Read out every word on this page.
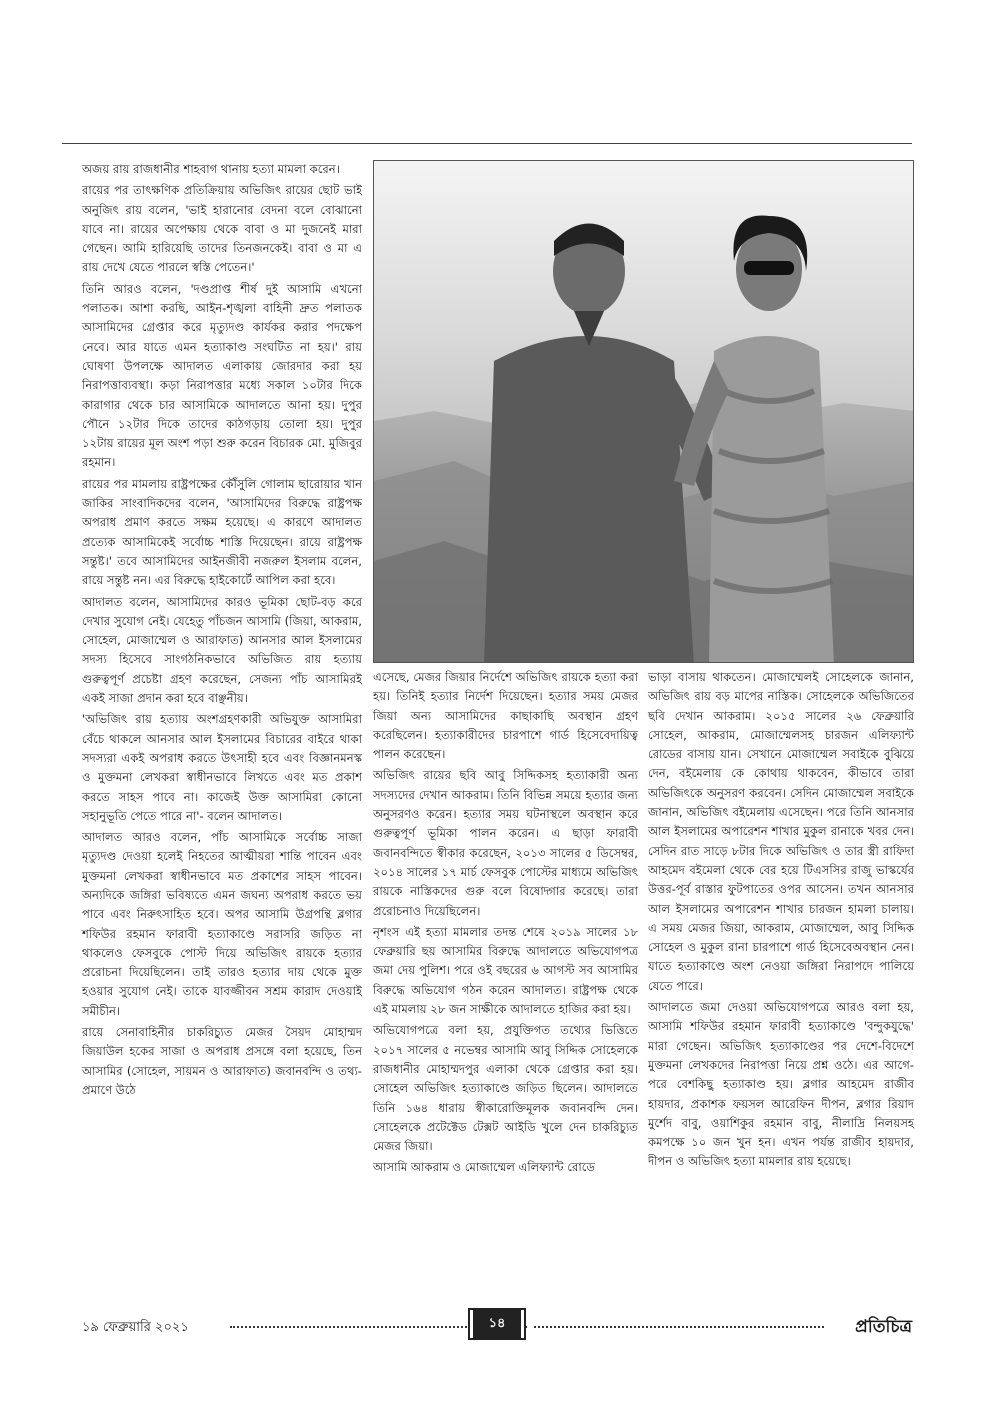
অজয় রায় রাজধানীর শাহবাগ থানায় হত্যা মামলা করেন।

রায়ের পর তাৎক্ষণিক প্রতিক্রিয়ায় অভিজিৎ রায়ের ছোট ভাই অনুজিৎ রায় বলেন, 'ভাই হারানোর বেদনা বলে বোঝানো যাবে না। রায়ের অপেক্ষায় থেকে বাবা ও মা দুজনেই মারা গেছেন। আমি হারিয়েছি তাদের তিনজনকেই। বাবা ও মা এ রায় দেখে যেতে পারলে স্বস্তি পেতেন।'

তিনি আরও বলেন, 'দণ্ডপ্রাপ্ত শীর্ষ দুই আসামি এখনো পলাতক। আশা করছি, আইন-শৃঙ্খলা বাহিনী দ্রুত পলাতক আসামিদের গ্রেপ্তার করে মৃত্যুদণ্ড কার্যকর করার পদক্ষেপ নেবে। আর যাতে এমন হত্যাকাণ্ড সংঘটিত না হয়।' রায় ঘোষণা উপলক্ষে আদালত এলাকায় জোরদার করা হয় নিরাপত্তাব্যবস্থা। কড়া নিরাপত্তার মধ্যে সকাল ১০টার দিকে কারাগার থেকে চার আসামিকে আদালতে আনা হয়। দুপুর পৌনে ১২টার দিকে তাদের কাঠগড়ায় তোলা হয়। দুপুর ১২টায় রায়ের মূল অংশ পড়া শুরু করেন বিচারক মো. মুজিবুর রহমান।

রায়ের পর মামলায় রাষ্ট্রপক্ষের কৌঁসুলি গোলাম ছারোয়ার খান জাকির সাংবাদিকদের বলেন, 'আসামিদের বিরুদ্ধে রাষ্ট্রপক্ষ অপরাধ প্রমাণ করতে সক্ষম হয়েছে। এ কারণে আদালত প্রত্যেক আসামিকেই সর্বোচ্চ শাস্তি দিয়েছেন। রায়ে রাষ্ট্রপক্ষ সন্তুষ্ট।' তবে আসামিদের আইনজীবী নজরুল ইসলাম বলেন, রায়ে সন্তুষ্ট নন। এর বিরুদ্ধে হাইকোর্টে আপিল করা হবে।

আদালত বলেন, আসামিদের কারও ভূমিকা ছোট-বড় করে দেখার সুযোগ নেই। যেহেতু পাঁচজন আসামি (জিয়া, আকরাম, সোহেল, মোজাম্মেল ও আরাফাত) আনসার আল ইসলামের সদস্য হিসেবে সাংগঠনিকভাবে অভিজিত রায় হত্যায় গুরুত্বপূর্ণ প্রচেষ্টা গ্রহণ করেছেন, সেজন্য পাঁচ আসামিরই একই সাজা প্রদান করা হবে বাঞ্ছনীয়।

'অভিজিৎ রায় হত্যায় অংশগ্রহণকারী অভিযুক্ত আসামিরা বেঁচে থাকলে আনসার আল ইসলামের বিচারের বাইরে থাকা সদস্যরা একই অপরাধ করতে উৎসাহী হবে এবং বিজ্ঞানমনস্ক ও মুক্তমনা লেখকরা স্বাধীনভাবে লিখতে এবং মত প্রকাশ করতে সাহস পাবে না। কাজেই উক্ত আসামিরা কোনো সহানুভূতি পেতে পারে না'- বলেন আদালত।

আদালত আরও বলেন, পাঁচ আসামিকে সর্বোচ্চ সাজা মৃত্যুদণ্ড দেওয়া হলেই নিহতের আত্মীয়রা শান্তি পাবেন এবং মুক্তমনা লেখকরা স্বাধীনভাবে মত প্রকাশের সাহস পাবেন। অন্যদিকে জঙ্গিরা ভবিষ্যতে এমন জঘন্য অপরাধ করতে ভয় পাবে এবং নিরুৎসাহিত হবে। অপর আসামি উগ্রপন্থি ব্লগার শফিউর রহমান ফারাবী হত্যাকাণ্ডে সরাসরি জড়িত না থাকলেও ফেসবুকে পোস্ট দিয়ে অভিজিৎ রায়কে হত্যার প্ররোচনা দিয়েছিলেন। তাই তারও হত্যার দায় থেকে মুক্ত হওয়ার সুযোগ নেই। তাকে যাবজ্জীবন সশ্রম কারাদ দেওয়াই সমীচীন।

রায়ে সেনাবাহিনীর চাকরিচ্যুত মেজর সৈয়দ মোহাম্মদ জিয়াউল হকের সাজা ও অপরাধ প্রসঙ্গে বলা হয়েছে, তিন আসামির (সোহেল, সায়মন ও আরাফাত) জবানবন্দি ও তথ্য-প্রমাণে উঠে

এসেছে, মেজর জিয়ার নির্দেশে অভিজিৎ রায়কে হত্যা করা হয়। তিনিই হত্যার নির্দেশ দিয়েছেন। হত্যার সময় মেজর জিয়া অন্য আসামিদের কাছাকাছি অবস্থান গ্রহণ করেছিলেন। হত্যাকারীদের চারপাশে গার্ড হিসেবেদায়িত্ব পালন করেছেন।

অভিজিৎ রায়ের ছবি আবু সিদ্দিকসহ হত্যাকারী অন্য সদস্যদের দেখান আকরাম। তিনি বিভিন্ন সময়ে হত্যার জন্য অনুসরণও করেন। হত্যার সময় ঘটনাস্থলে অবস্থান করে গুরুত্বপূর্ণ ভূমিকা পালন করেন। এ ছাড়া ফারাবী জবানবন্দিতে স্বীকার করেছেন, ২০১৩ সালের ৫ ডিসেম্বর, ২০১৪ সালের ১৭ মার্চ ফেসবুক পোস্টের মাধ্যমে অভিজিৎ রায়কে নাস্তিকদের গুরু বলে বিষোদ্গার করেছে। তারা প্ররোচনাও দিয়েছিলেন।

নৃশংস এই হত্যা মামলার তদন্ত শেষে ২০১৯ সালের ১৮ ফেব্রুয়ারি ছয় আসামির বিরুদ্ধে আদালতে অভিযোগপত্র জমা দেয় পুলিশ। পরে ওই বছরের ৬ আগস্ট সব আসামির বিরুদ্ধে অভিযোগ গঠন করেন আদালত। রাষ্ট্রপক্ষ থেকে এই মামলায় ২৮ জন সাক্ষীকে আদালতে হাজির করা হয়।

অভিযোগপত্রে বলা হয়, প্রযুক্তিগত তথ্যের ভিত্তিতে ২০১৭ সালের ৫ নভেম্বর আসামি আবু সিদ্দিক সোহেলকে রাজধানীর মোহাম্মদপুর এলাকা থেকে গ্রেপ্তার করা হয়। সোহেল অভিজিৎ হত্যাকাণ্ডে জড়িত ছিলেন। আদালতে তিনি ১৬৪ ধারায় স্বীকারোক্তিমূলক জবানবন্দি দেন। সোহেলকে প্রটেক্টেড টেক্সট আইডি খুলে দেন চাকরিচ্যুত মেজর জিয়া।

আসামি আকরাম ও মোজাম্মেল এলিফ্যান্ট রোডে

ভাড়া বাসায় থাকতেন। মোজাম্মেলই সোহেলকে জানান, অভিজিৎ রায় বড় মাপের নাস্তিক। সোহেলকে অভিজিতের ছবি দেখান আকরাম। ২০১৫ সালের ২৬ ফেব্রুয়ারি সোহেল, আকরাম, মোজাম্মেলসহ চারজন এলিফ্যান্ট রোডের বাসায় যান। সেখানে মোজাম্মেল সবাইকে বুঝিয়ে দেন, বইমেলায় কে কোথায় থাকবেন, কীভাবে তারা অভিজিৎকে অনুসরণ করবেন। সেদিন মোজাম্মেল সবাইকে জানান, অভিজিৎ বইমেলায় এসেছেন। পরে তিনি আনসার আল ইসলামের অপারেশন শাখার মুকুল রানাকে খবর দেন। সেদিন রাত সাড়ে ৮টার দিকে অভিজিৎ ও তার স্ত্রী রাফিদা আহমেদ বইমেলা থেকে বের হয়ে টিএসসির রাজু ভাস্কর্যের উত্তর-পূর্ব রাস্তার ফুটপাতের ওপর আসেন। তখন আনসার আল ইসলামের অপারেশন শাখার চারজন হামলা চালায়। এ সময় মেজর জিয়া, আকরাম, মোজাম্মেল, আবু সিদ্দিক সোহেল ও মুকুল রানা চারপাশে গার্ড হিসেবেঅবস্থান নেন। যাতে হত্যাকাণ্ডে অংশ নেওয়া জঙ্গিরা নিরাপদে পালিয়ে যেতে পারে।

আদালতে জমা দেওয়া অভিযোগপত্রে আরও বলা হয়, আসামি শফিউর রহমান ফারাবী হত্যাকাণ্ডে 'বন্দুকযুদ্ধে' মারা গেছেন। অভিজিৎ হত্যাকাণ্ডের পর দেশে-বিদেশে মুক্তমনা লেখকদের নিরাপত্তা নিয়ে প্রশ্ন ওঠে। এর আগে-পরে বেশকিছু হত্যাকাণ্ড হয়। ব্লগার আহমেদ রাজীব হায়দার, প্রকাশক ফয়সল আরেফিন দীপন, ব্লগার রিয়াদ মুর্শেদ বাবু, ওয়াশিকুর রহমান বাবু, নীলাদ্রি নিলয়সহ কমপক্ষে ১০ জন খুন হন। এখন পর্যন্ত রাজীব হায়দার, দীপন ও অভিজিৎ হত্যা মামলার রায় হয়েছে।

১৯ ফেব্রুয়ারি ২০২১	১৪	প্রতিচিত্র
